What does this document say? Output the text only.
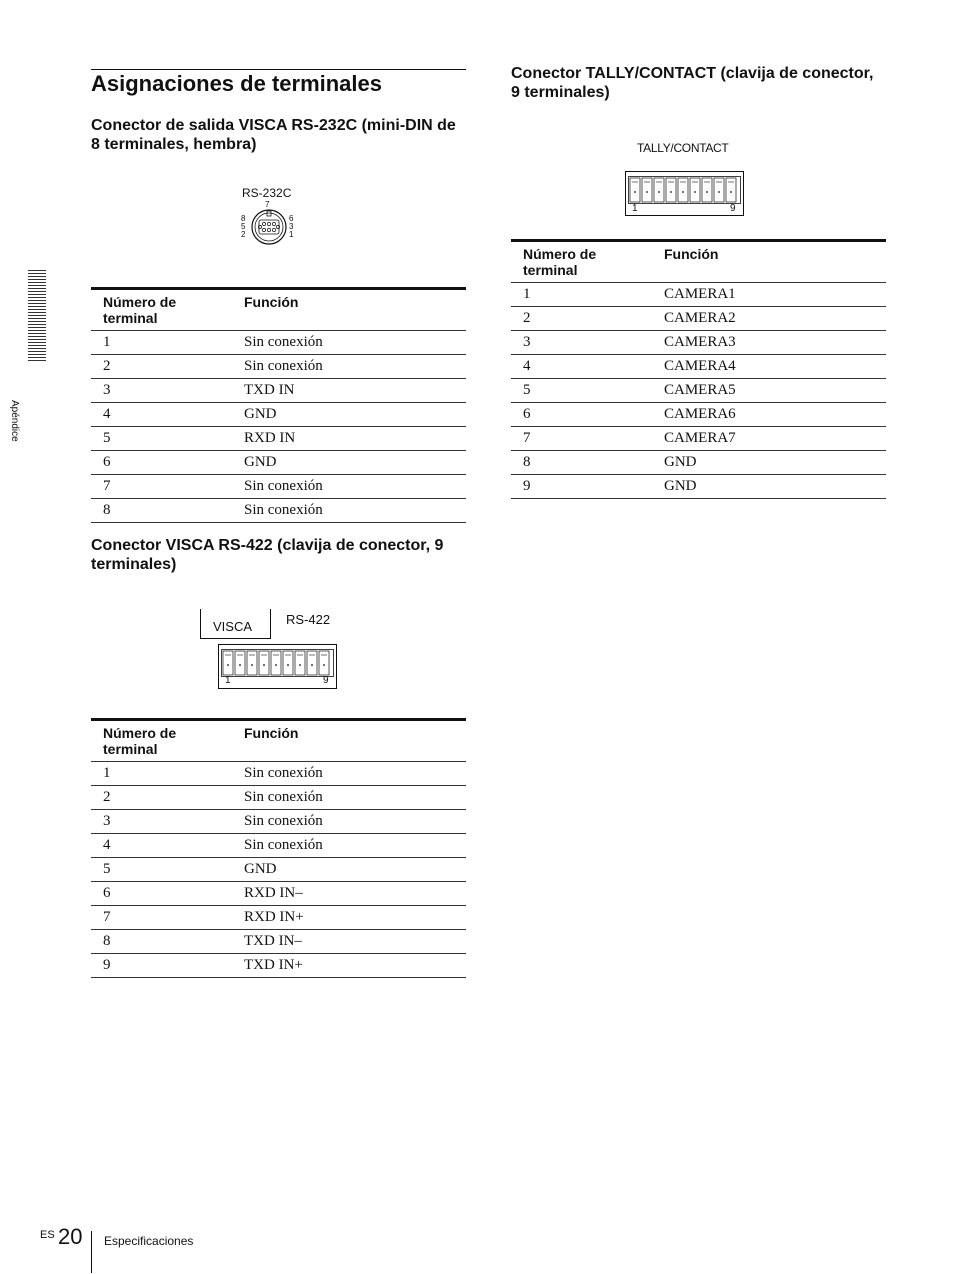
Apéndice
Asignaciones de terminales
Conector de salida VISCA RS-232C (mini-DIN de 8 terminales, hembra)
RS-232C
7
8
5
2
6
3
1
Número de terminal	Función
1	Sin conexión
2	Sin conexión
3	TXD IN
4	GND
5	RXD IN
6	GND
7	Sin conexión
8	Sin conexión
Conector VISCA RS-422 (clavija de conector, 9 terminales)
VISCA	RS-422
1	9
Número de terminal	Función
1	Sin conexión
2	Sin conexión
3	Sin conexión
4	Sin conexión
5	GND
6	RXD IN–
7	RXD IN+
8	TXD IN–
9	TXD IN+
Conector TALLY/CONTACT (clavija de conector, 9 terminales)
TALLY/CONTACT
1	9
Número de terminal	Función
1	CAMERA1
2	CAMERA2
3	CAMERA3
4	CAMERA4
5	CAMERA5
6	CAMERA6
7	CAMERA7
8	GND
9	GND
ES 20 Especificaciones
